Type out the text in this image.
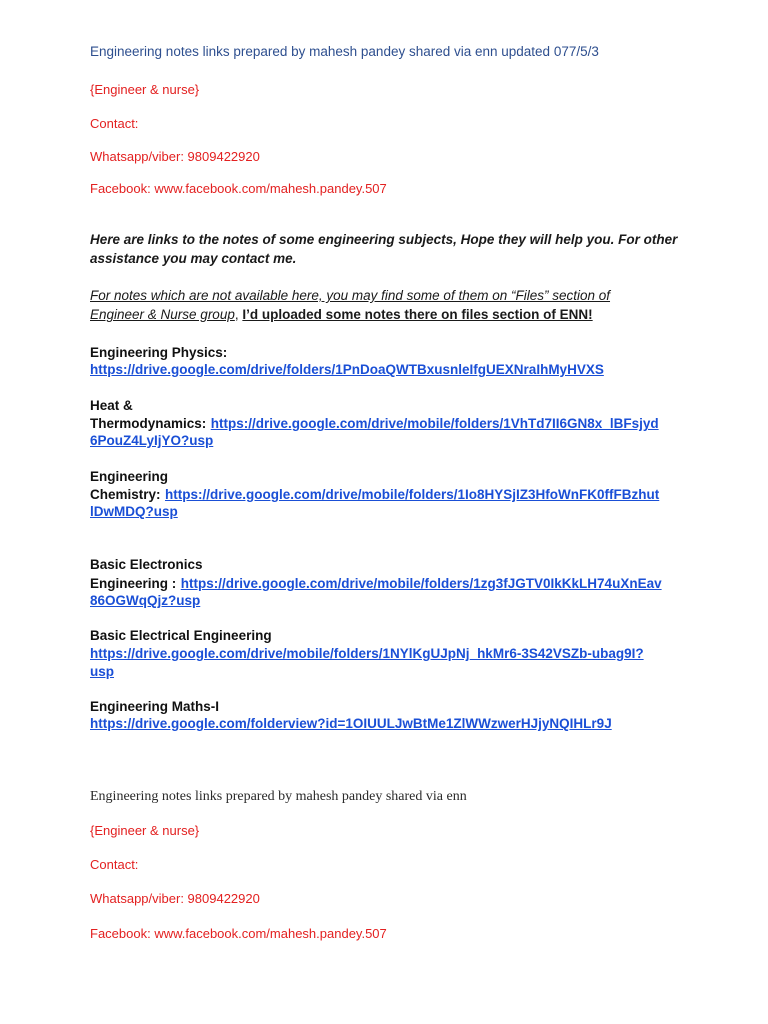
Engineering notes links prepared by mahesh pandey shared via enn updated 077/5/3
{Engineer & nurse}
Contact:
Whatsapp/viber: 9809422920
Facebook: www.facebook.com/mahesh.pandey.507
Here are links to the notes of some engineering subjects, Hope they will help you. For other
assistance you may contact me.
For notes which are not available here, you may find some of them on “Files” section of
Engineer & Nurse group, I’d uploaded some notes there on files section of ENN!
Engineering Physics:
https://drive.google.com/drive/folders/1PnDoaQWTBxusnleIfgUEXNraIhMyHVXS
Heat &
Thermodynamics: https://drive.google.com/drive/mobile/folders/1VhTd7II6GN8x_lBFsjyd
6PouZ4LyIjYO?usp
Engineering
Chemistry: https://drive.google.com/drive/mobile/folders/1Io8HYSjIZ3HfoWnFK0ffFBzhut
lDwMDQ?usp
Basic Electronics
Engineering : https://drive.google.com/drive/mobile/folders/1zg3fJGTV0IkKkLH74uXnEav
86OGWqQjz?usp
Basic Electrical Engineering
https://drive.google.com/drive/mobile/folders/1NYlKgUJpNj_hkMr6-3S42VSZb-ubag9I?
usp
Engineering Maths-I
https://drive.google.com/folderview?id=1OIUULJwBtMe1ZlWWzwerHJjyNQIHLr9J
Engineering notes links prepared by mahesh pandey shared via enn
{Engineer & nurse}
Contact:
Whatsapp/viber: 9809422920
Facebook: www.facebook.com/mahesh.pandey.507
